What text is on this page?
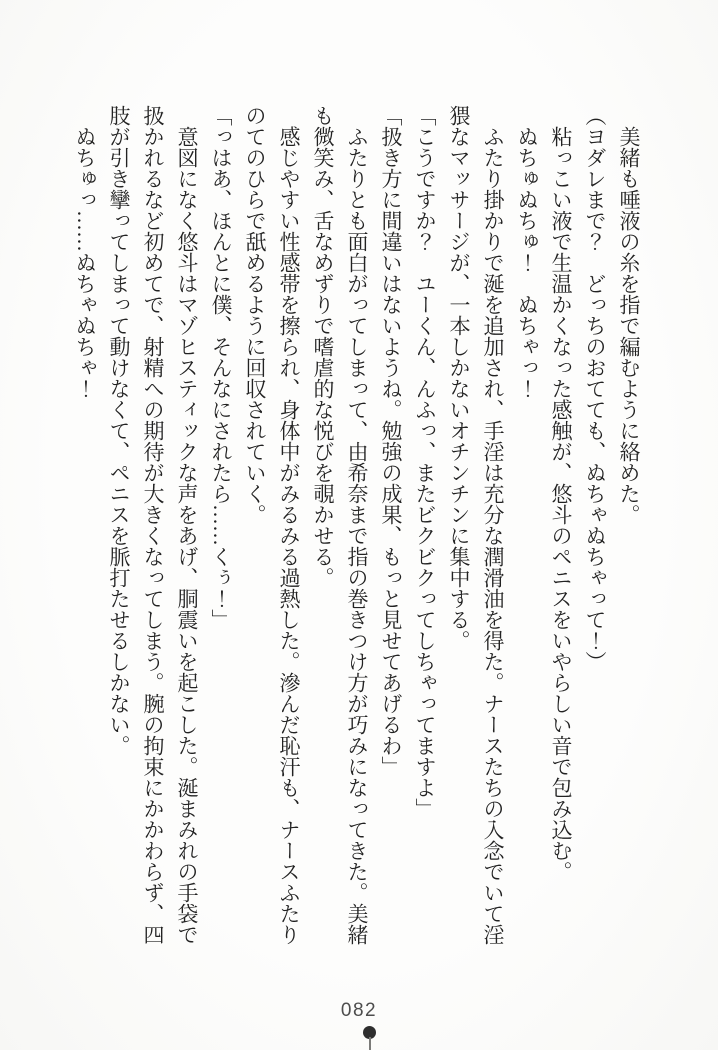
美緒も唾液の糸を指で編むように絡めた。

（ヨダレまで？　どっちのおてても、ぬちゃぬちゃって！）

粘っこい液で生温かくなった感触が、悠斗のペニスをいやらしい音で包み込む。

ぬちゅぬちゅ！　ぬちゃっ！

ふたり掛かりで涎を追加され、手淫は充分な潤滑油を得た。ナースたちの入念でいて淫猥なマッサージが、一本しかないオチンチンに集中する。

「こうですか？　ユーくん、んふっ、またビクビクってしちゃってますよ」

「扱き方に間違いはないようね。勉強の成果、もっと見せてあげるわ」

ふたりとも面白がってしまって、由希奈まで指の巻きつけ方が巧みになってきた。美緒も微笑み、舌なめずりで嗜虐的な悦びを覗かせる。

感じやすい性感帯を擦られ、身体中がみるみる過熱した。滲んだ恥汗も、ナースふたりのてのひらで舐めるように回収されていく。

「っはあ、ほんとに僕、そんなにされたら……くぅ！」

意図になく悠斗はマゾヒスティックな声をあげ、胴震いを起こした。涎まみれの手袋で扱かれるなど初めてで、射精への期待が大きくなってしまう。腕の拘束にかかわらず、四肢が引き攣ってしまって動けなくて、ペニスを脈打たせるしかない。

ぬちゅっ……ぬちゃぬちゃ！

082
